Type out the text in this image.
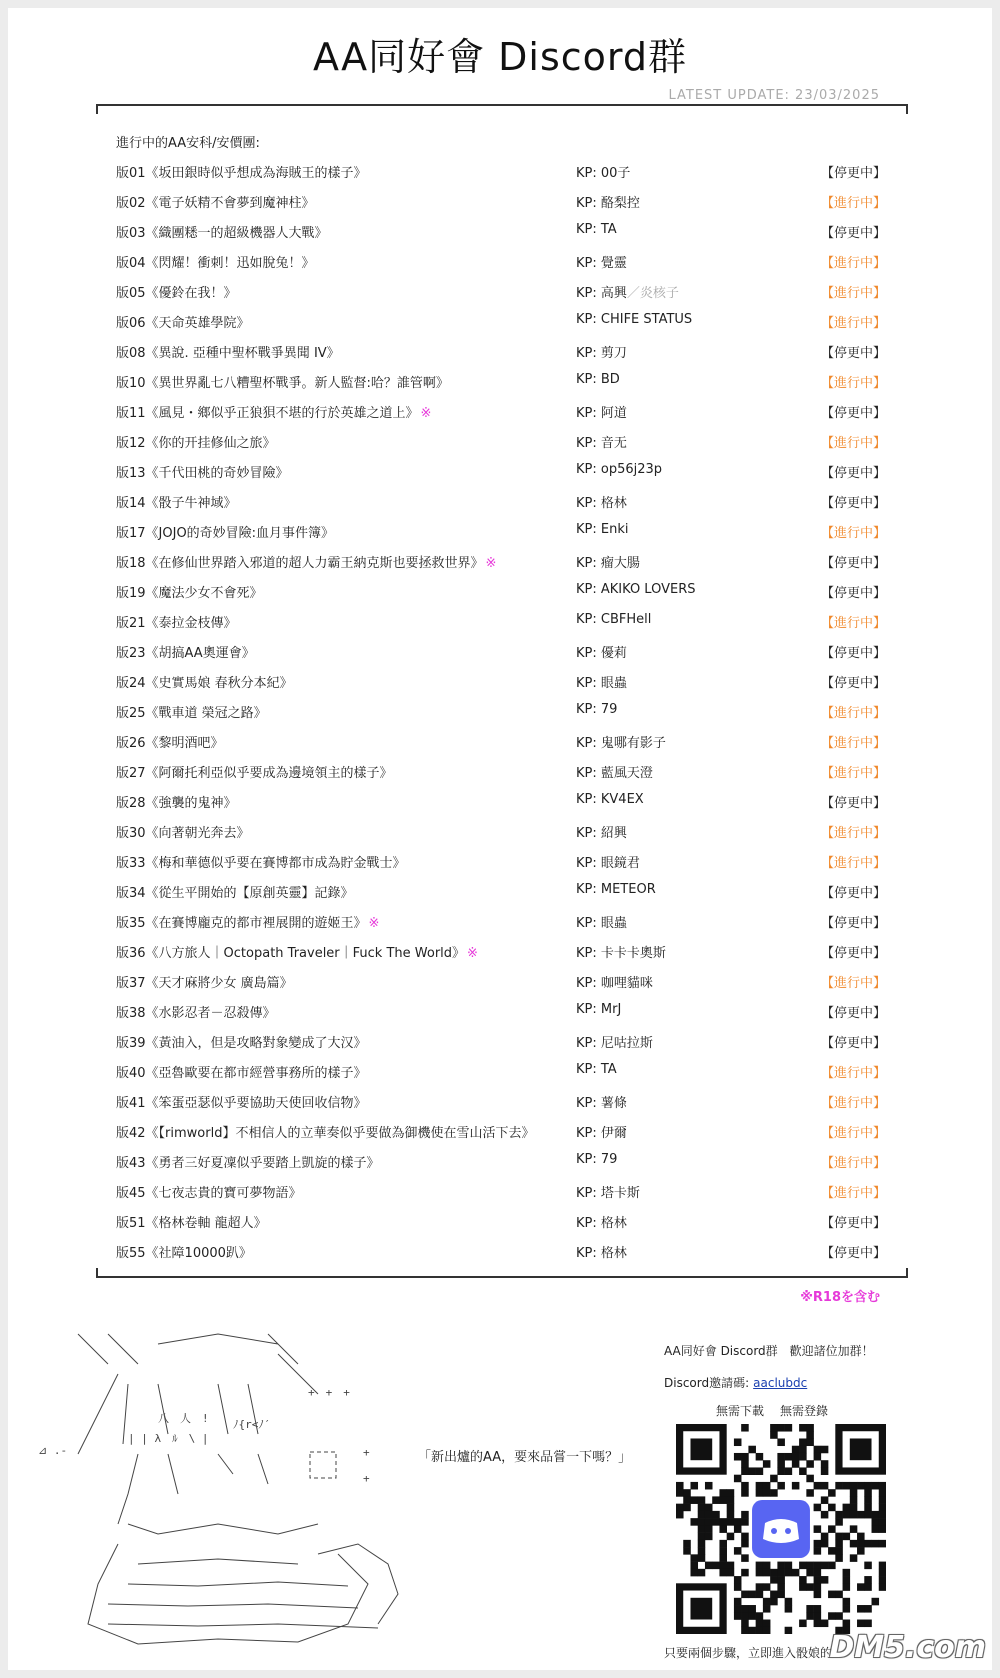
AA同好會 Discord群
LATEST UPDATE: 23/03/2025
進行中的AA安科/安價團:
版01《坂田銀時似乎想成為海賊王的樣子》	KP: 00子	【停更中】
版02《電子妖精不會夢到魔神柱》	KP: 酪梨控	【進行中】
版03《織團䊝一的超級機器人大戰》	KP: TA	【停更中】
版04《閃耀！衝刺！迅如脫兔！》	KP: 覺靈	【進行中】
版05《優鈴在我！》	KP: 高興／炎核子	【進行中】
版06《天命英雄學院》	KP: CHIFE STATUS	【進行中】
版08《異說. 亞種中聖杯戰爭異聞 IV》	KP: 剪刀	【停更中】
版10《異世界亂七八糟聖杯戰爭。新人監督:哈？誰管啊》	KP: BD	【進行中】
版11《風見・鄉似乎正狼狽不堪的行於英雄之道上》 ※	KP: 阿道	【停更中】
版12《你的开挂修仙之旅》	KP: 音无	【進行中】
版13《千代田桃的奇妙冒險》	KP: op56j23p	【停更中】
版14《骰子牛神域》	KP: 格林	【停更中】
版17《JOJO的奇妙冒險:血月事件簿》	KP: Enki	【進行中】
版18《在修仙世界踏入邪道的超人力霸王納克斯也要拯救世界》 ※	KP: 瘤大腸	【停更中】
版19《魔法少女不會死》	KP: AKIKO LOVERS	【停更中】
版21《泰拉金枝傳》	KP: CBFHell	【進行中】
版23《胡搞AA奧運會》	KP: 優莉	【停更中】
版24《史實馬娘 春秋分本紀》	KP: 眼蟲	【停更中】
版25《戰車道 榮冠之路》	KP: 79	【進行中】
版26《黎明酒吧》	KP: 鬼哪有影子	【進行中】
版27《阿爾托利亞似乎要成為邊境領主的樣子》	KP: 藍風天澄	【進行中】
版28《強襲的鬼神》	KP: KV4EX	【停更中】
版30《向著朝光奔去》	KP: 紹興	【進行中】
版33《梅和華德似乎要在賽博都市成為貯金戰士》	KP: 眼鏡君	【進行中】
版34《從生平開始的【原創英靈】記錄》	KP: METEOR	【停更中】
版35《在賽博龐克的都市裡展開的遊姬王》 ※	KP: 眼蟲	【停更中】
版36《八方旅人｜Octopath Traveler｜Fuck The World》 ※	KP: 卡卡卡奧斯	【停更中】
版37《天才麻將少女 廣島篇》	KP: 咖哩貓咪	【進行中】
版38《水影忍者－忍殺傳》	KP: MrJ	【停更中】
版39《黃油入，但是攻略對象變成了大汉》	KP: 尼咕拉斯	【停更中】
版40《亞魯歐要在都市經營事務所的樣子》	KP: TA	【進行中】
版41《笨蛋亞瑟似乎要協助天使回收信物》	KP: 薯條	【進行中】
版42《【rimworld】不相信人的立華奏似乎要做為御機使在雪山活下去》	KP: 伊爾	【進行中】
版43《勇者三好夏凜似乎要踏上凱旋的樣子》	KP: 79	【進行中】
版45《七夜志貴的寶可夢物語》	KP: 塔卡斯	【進行中】
版51《格林卷軸 龍超人》	KP: 格林	【停更中】
版55《社障10000趴》	KP: 格林	【停更中】
※R18を含む
+　+　+
+
+
⊿ .-
八　人　!
| | λ　ﾙ　\ |
ﾉ{r<ﾉ′
「新出爐的AA，要來品嘗一下嗎？」
AA同好會 Discord群　歡迎諸位加群！
Discord邀請碼: aaclubdc
無需下載 無需登錄
只要兩個步驟，立即進入骰娘的
DM5.com
